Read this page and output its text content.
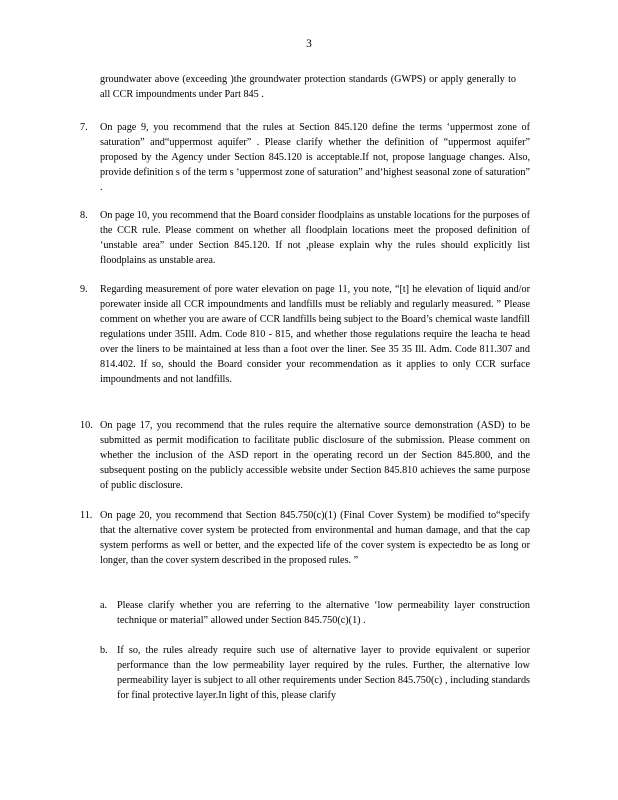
3
groundwater above (exceeding )the groundwater protection standards (GWPS) or apply generally to all CCR impoundments under Part 845 .
7. On page 9, you recommend that the rules at Section 845.120 define the terms ‘uppermost zone of saturation” and“uppermost aquifer” . Please clarify whether the definition of “uppermost aquifer” proposed by the Agency under Section 845.120 is acceptable.If not, propose language changes. Also, provide definition s of the term s ‘uppermost zone of saturation” and‘highest seasonal zone of saturation” .
8. On page 10, you recommend that the Board consider floodplains as unstable locations for the purposes of the CCR rule. Please comment on whether all floodplain locations meet the proposed definition of ‘unstable area” under Section 845.120. If not ,please explain why the rules should explicitly list floodplains as unstable area.
9. Regarding measurement of pore water elevation on page 11, you note, “[t] he elevation of liquid and/or porewater inside all CCR impoundments and landfills must be reliably and regularly measured. ” Please comment on whether you are aware of CCR landfills being subject to the Board’s chemical waste landfill regulations under 35Ill. Adm. Code 810 - 815, and whether those regulations require the leacha te head over the liners to be maintained at less than a foot over the liner. See 35 35 Ill. Adm. Code 811.307 and 814.402. If so, should the Board consider your recommendation as it applies to only CCR surface impoundments and not landfills.
10. On page 17, you recommend that the rules require the alternative source demonstration (ASD) to be submitted as permit modification to facilitate public disclosure of the submission. Please comment on whether the inclusion of the ASD report in the operating record un der Section 845.800, and the subsequent posting on the publicly accessible website under Section 845.810 achieves the same purpose of public disclosure.
11. On page 20, you recommend that Section 845.750(c)(1) (Final Cover System) be modified to“specify that the alternative cover system be protected from environmental and human damage, and that the cap system performs as well or better, and the expected life of the cover system is expectedto be as long or longer, than the cover system described in the proposed rules. ”
a. Please clarify whether you are referring to the alternative ‘low permeability layer construction technique or material” allowed under Section 845.750(c)(1) .
b. If so, the rules already require such use of alternative layer to provide equivalent or superior performance than the low permeability layer required by the rules. Further, the alternative low permeability layer is subject to all other requirements under Section 845.750(c) , including standards for final protective layer.In light of this, please clarify
